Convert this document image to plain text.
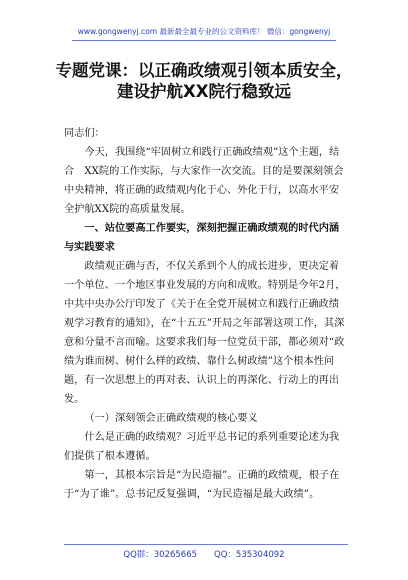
www.gongwenyj.com 最新最全最专业的公文资料库！ 微信：gongwenyj
专题党课：以正确政绩观引领本质安全，
建设护航XX院行稳致远

同志们：

今天，我围绕“牢固树立和践行正确政绩观”这个主题，结合　XX院的工作实际，与大家作一次交流。目的是要深刻领会中央精神，将正确的政绩观内化于心、外化于行，以高水平安全护航XX院的高质量发展。

一、站位要高工作要实，深刻把握正确政绩观的时代内涵与实践要求

政绩观正确与否，不仅关系到个人的成长进步，更决定着一个单位、一个地区事业发展的方向和成败。特别是今年2月，中共中央办公厅印发了《关于在全党开展树立和践行正确政绩观学习教育的通知》，在“十五五”开局之年部署这项工作，其深意和分量不言而喻。这要求我们每一位党员干部，都必须对“政绩为谁而树、树什么样的政绩、靠什么树政绩”这个根本性问题，有一次思想上的再对表、认识上的再深化、行动上的再出发。

（一）深刻领会正确政绩观的核心要义

什么是正确的政绩观？习近平总书记的系列重要论述为我们提供了根本遵循。

第一，其根本宗旨是“为民造福”。正确的政绩观，根子在于“为了谁”。总书记反复强调，“为民造福是最大政绩”。

QQ群：30265665　　QQ：535304092
